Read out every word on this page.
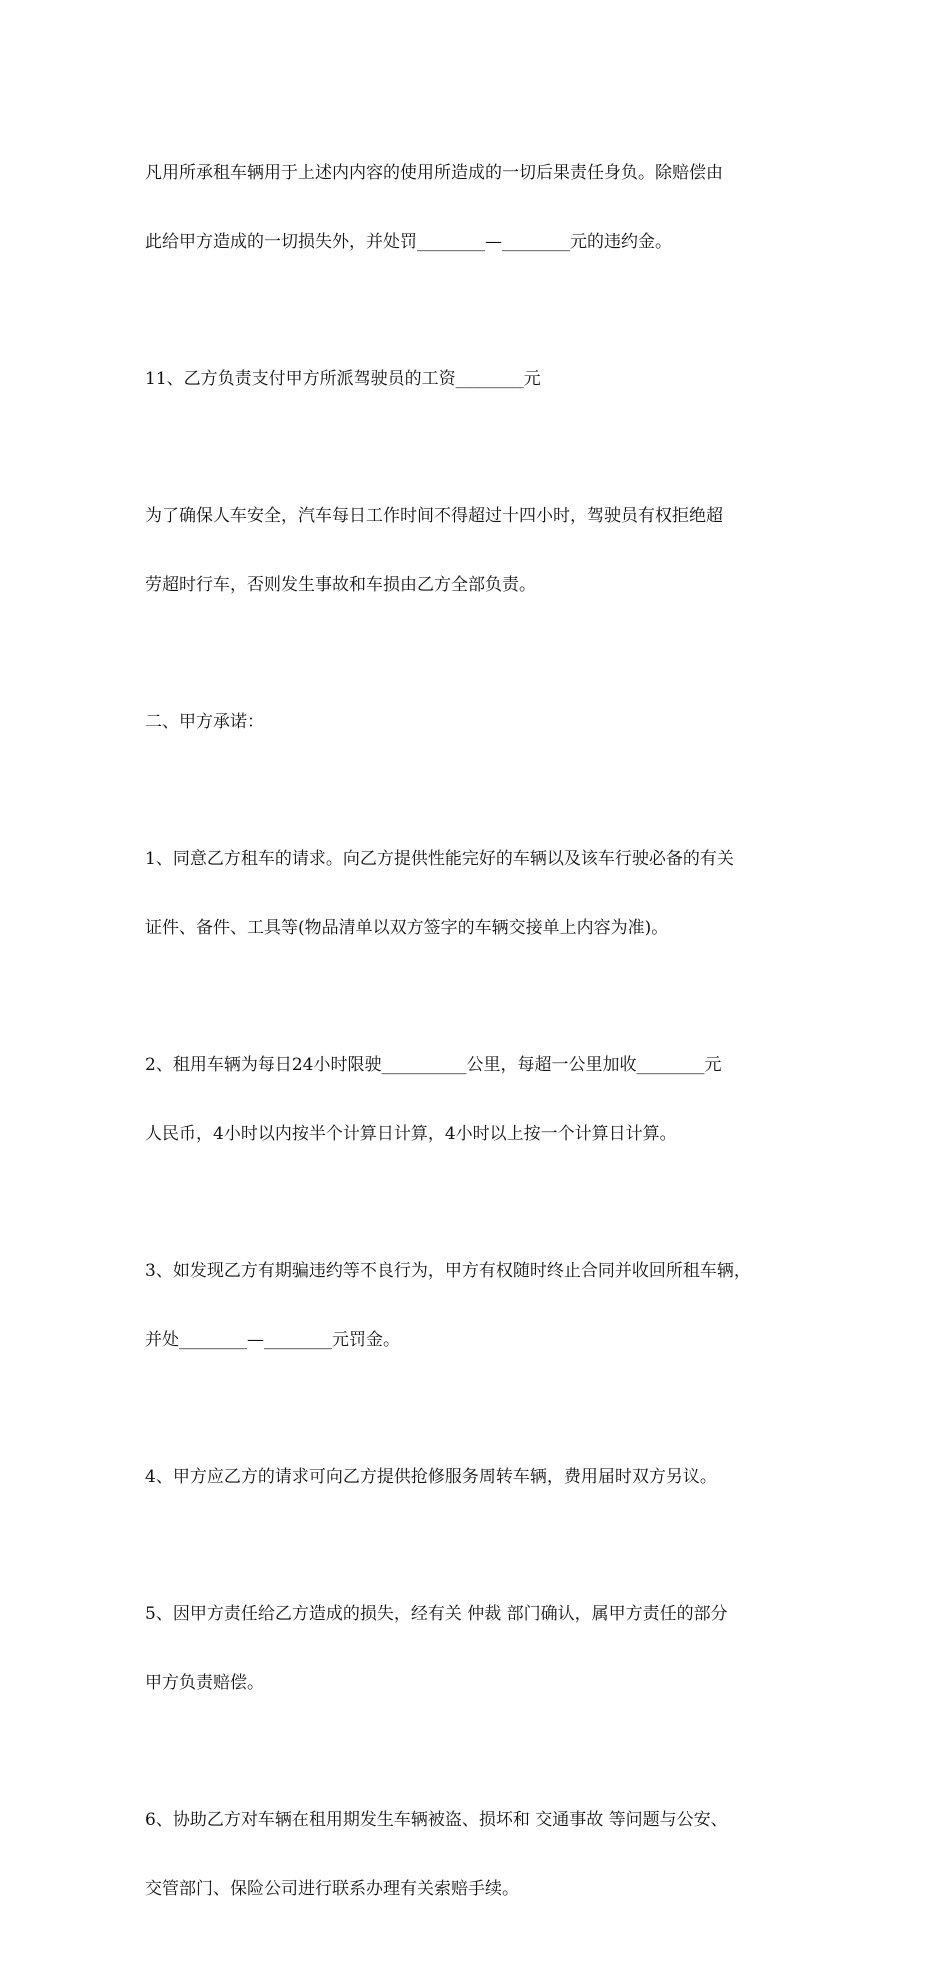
凡用所承租车辆用于上述内内容的使用所造成的一切后果责任身负。除赔偿由

此给甲方造成的一切损失外，并处罚________—________元的违约金。

11、乙方负责支付甲方所派驾驶员的工资________元

为了确保人车安全，汽车每日工作时间不得超过十四小时，驾驶员有权拒绝超

劳超时行车，否则发生事故和车损由乙方全部负责。

二、甲方承诺：

1、同意乙方租车的请求。向乙方提供性能完好的车辆以及该车行驶必备的有关

证件、备件、工具等(物品清单以双方签字的车辆交接单上内容为准)。

2、租用车辆为每日24小时限驶__________公里，每超一公里加收________元

人民币，4小时以内按半个计算日计算，4小时以上按一个计算日计算。

3、如发现乙方有期骗违约等不良行为，甲方有权随时终止合同并收回所租车辆，

并处________—________元罚金。

4、甲方应乙方的请求可向乙方提供抢修服务周转车辆，费用届时双方另议。

5、因甲方责任给乙方造成的损失，经有关 仲裁 部门确认，属甲方责任的部分

甲方负责赔偿。

6、协助乙方对车辆在租用期发生车辆被盗、损坏和 交通事故 等问题与公安、

交管部门、保险公司进行联系办理有关索赔手续。
